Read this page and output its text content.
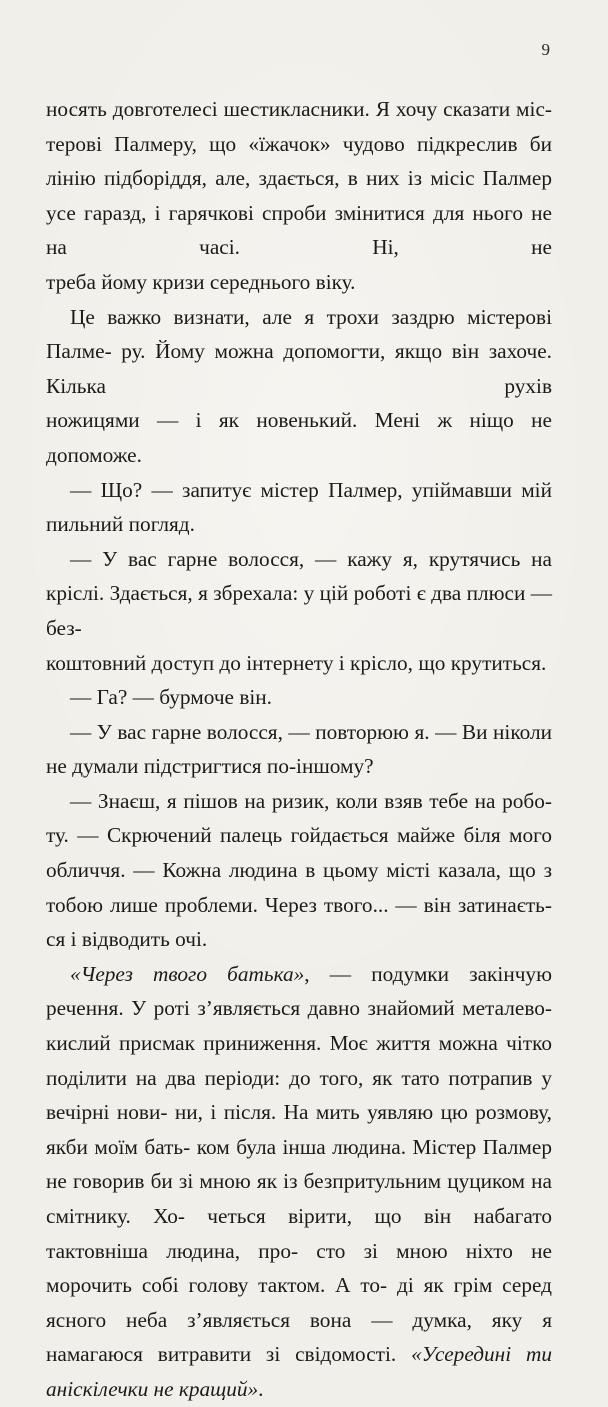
9

носять довготелесі шестикласники. Я хочу сказати міс- терові Палмеру, що «їжачок» чудово підкреслив би лінію підборіддя, але, здається, в них із місіс Палмер усе гаразд, і гарячкові спроби змінитися для нього не на часі. Ні, не

треба йому кризи середнього віку.

Це важко визнати, але я трохи заздрю містерові Палме- ру. Йому можна допомогти, якщо він захоче. Кілька рухів

ножицями — і як новенький. Мені ж ніщо не допоможе.

— Що? — запитує містер Палмер, упіймавши мій

пильний погляд.

— У вас гарне волосся, — кажу я, крутячись на кріслі. Здається, я збрехала: у цій роботі є два плюси — без-

коштовний доступ до інтернету і крісло, що крутиться.

— Га? — бурмоче він.

— У вас гарне волосся, — повторюю я. — Ви ніколи

не думали підстригтися по-іншому?

— Знаєш, я пішов на ризик, коли взяв тебе на робо- ту. — Скрючений палець гойдається майже біля мого обличчя. — Кожна людина в цьому місті казала, що з тобою лише проблеми. Через твого... — він затинаєть-

ся і відводить очі.

«Через твого батька», — подумки закінчую речення. У роті з’являється давно знайомий металево-кислий присмак приниження. Моє життя можна чітко поділити на два періоди: до того, як тато потрапив у вечірні нови- ни, і після. На мить уявляю цю розмову, якби моїм бать- ком була інша людина. Містер Палмер не говорив би зі мною як із безпритульним цуциком на смітнику. Хо- четься вірити, що він набагато тактовніша людина, про- сто зі мною ніхто не морочить собі голову тактом. А то- ді як грім серед ясного неба з’являється вона — думка, яку я намагаюся витравити зі свідомості. «Усередині ти

аніскілечки не кращий».
